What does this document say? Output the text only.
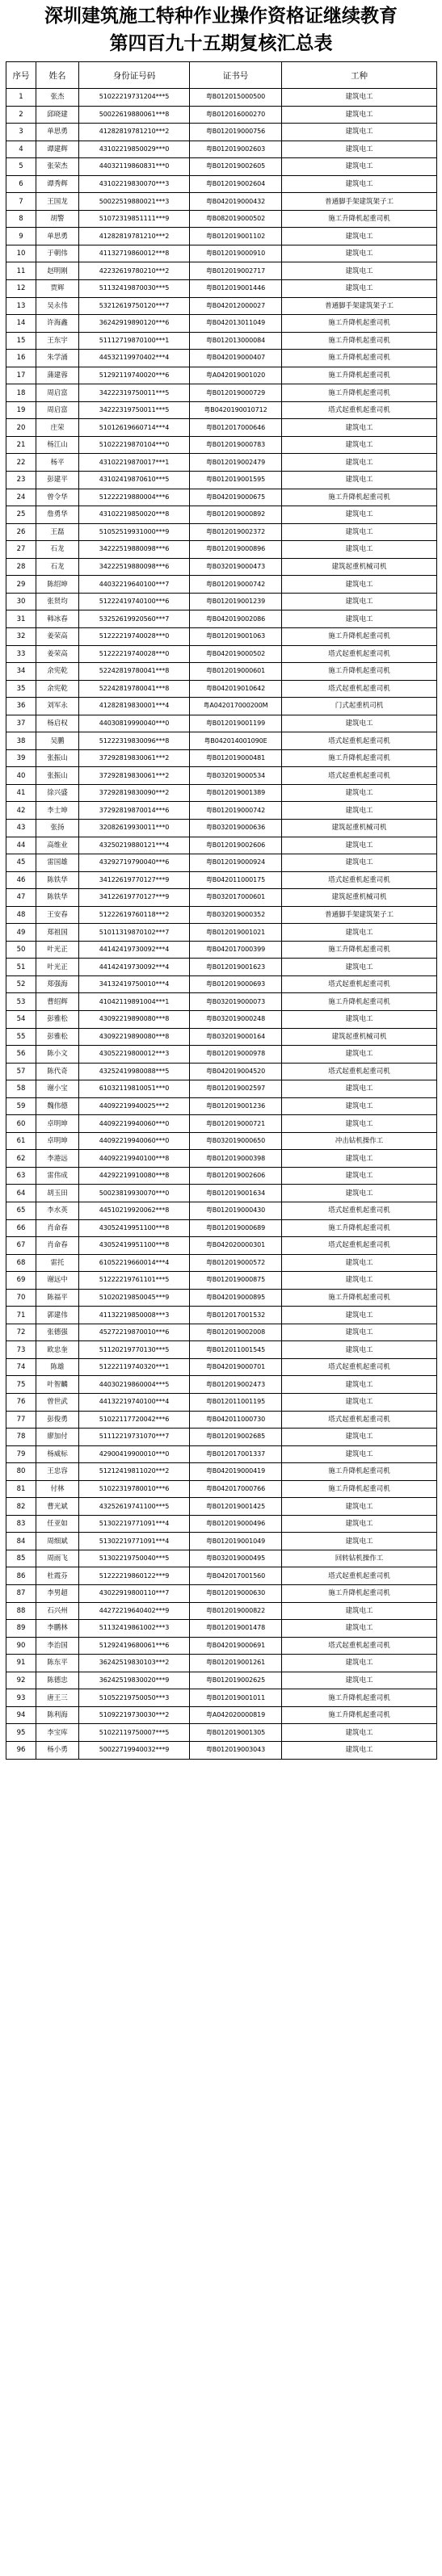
深圳建筑施工特种作业操作资格证继续教育
第四百九十五期复核汇总表
序号	姓名	身份证号码	证书号	工种
1	张杰	51022219731204***5	粤B012015000500	建筑电工
2	邱晓建	50022619880061***8	粤B012016000270	建筑电工
3	单思勇	41282819781210***2	粤B012019000756	建筑电工
4	谭建辉	43102219850029***0	粤B012019002603	建筑电工
5	张荣杰	44032119860831***0	粤B012019002605	建筑电工
6	谭秀辉	43102219830070***3	粤B012019002604	建筑电工
7	王国龙	50022519880021***3	粤B042019000432	普通脚手架建筑架子工
8	胡警	51072319851111***9	粤B082019000502	施工升降机起重司机
9	单思勇	41282819781210***2	粤B012019001102	建筑电工
10	于朝伟	41132719860012***8	粤B012019000910	建筑电工
11	赵明刚	42232619780210***2	粤B012019002717	建筑电工
12	贾辉	51132419870030***5	粤B012019001446	建筑电工
13	吴永伟	53212619750120***7	粤B042012000027	普通脚手架建筑架子工
14	许海鑫	36242919890120***6	粤B042013011049	施工升降机起重司机
15	王东宇	51112719870100***1	粤B012013000084	施工升降机起重司机
16	朱学涌	44532119970402***4	粤B042019000407	施工升降机起重司机
17	蒲建蓉	51292119740020***6	粤A042019001020	施工升降机起重司机
18	周启富	34222319750011***5	粤B012019000729	施工升降机起重司机
19	周启富	34222319750011***5	粤B0420190010712	塔式起重机起重司机
20	庄荣	51012619660714***4	粤B012017000646	建筑电工
21	杨江山	51022219870104***0	粤B012019000783	建筑电工
22	杨平	43102219870017***1	粤B012019002479	建筑电工
23	彭建平	43102419870610***5	粤B012019001595	建筑电工
24	曾令华	51222219880004***6	粤B042019000675	施工升降机起重司机
25	詹勇华	43102219850020***8	粤B012019000892	建筑电工
26	王磊	51052519931000***9	粤B012019002372	建筑电工
27	石龙	34222519880098***6	粤B012019000896	建筑电工
28	石龙	34222519880098***6	粤B032019000473	建筑起重机械司机
29	陈绍坤	44032219640100***7	粤B012019000742	建筑电工
30	张贤均	51222419740100***6	粤B012019001239	建筑电工
31	韩冰春	53252619920560***7	粤B042019002086	建筑电工
32	姜荣高	51222219740028***0	粤B012019001063	施工升降机起重司机
33	姜荣高	51222219740028***0	粤B042019000502	塔式起重机起重司机
34	余宪乾	52242819780041***8	粤B012019000601	施工升降机起重司机
35	余宪乾	52242819780041***8	粤B042019010642	塔式起重机起重司机
36	刘军永	41282819830001***4	粤A042017000200M	门式起重机司机
37	杨启权	44030819990040***0	粤B012019001199	建筑电工
38	吴鹏	51222319830096***8	粤B042014001090E	塔式起重机起重司机
39	张振山	37292819830061***2	粤B012019000481	施工升降机起重司机
40	张振山	37292819830061***2	粤B032019000534	塔式起重机起重司机
41	徐兴盛	37292819830090***2	粤B012019001389	建筑电工
42	李士坤	37292819870014***6	粤B012019000742	建筑电工
43	张扬	32082619930011***0	粤B032019000636	建筑起重机械司机
44	高维业	43250219880121***4	粤B012019002606	建筑电工
45	雷国雄	43292719790040***6	粤B012019000924	建筑电工
46	陈铁华	34122619770127***9	粤B042011000175	塔式起重机起重司机
47	陈铁华	34122619770127***9	粤B032017000601	建筑起重机械司机
48	王安春	51222619760118***2	粤B032019000352	普通脚手架建筑架子工
49	郑祖国	51011319870102***7	粤B012019001021	建筑电工
50	叶光正	44142419730092***4	粤B042017000399	施工升降机起重司机
51	叶光正	44142419730092***4	粤B012019001623	建筑电工
52	郑强海	34132419750010***4	粤B012019000693	塔式起重机起重司机
53	曹绍辉	41042119891004***1	粤B032019000073	施工升降机起重司机
54	彭雅松	43092219890080***8	粤B032019000248	建筑电工
55	彭雅松	43092219890080***8	粤B032019000164	建筑起重机械司机
56	陈小文	43052219800012***3	粤B012019000978	建筑电工
57	陈代奇	43252419980088***5	粤B042019004520	塔式起重机起重司机
58	谢小宝	61032119810051***0	粤B012019002597	建筑电工
59	魏伟德	44092219940025***2	粤B012019001236	建筑电工
60	卓明坤	44092219940060***0	粤B012019000721	建筑电工
61	卓明坤	44092219940060***0	粤B032019000650	冲击钻机操作工
62	李港远	44092219940100***8	粤B012019000398	建筑电工
63	雷伟成	44292219910080***8	粤B012019002606	建筑电工
64	胡玉田	50023819930070***0	粤B012019001634	建筑电工
65	李水英	44510219920062***8	粤B012019000430	塔式起重机起重司机
66	肖命春	43052419951100***8	粤B012019000689	施工升降机起重司机
67	肖命春	43052419951100***8	粤B042020000301	塔式起重机起重司机
68	雷托	61052219660014***4	粤B012019000572	建筑电工
69	谢远中	51222219761101***5	粤B012019000875	建筑电工
70	陈福平	51020219850045***9	粤B042019000895	施工升降机起重司机
71	郭建伟	41132219850008***3	粤B012017001532	建筑电工
72	张德强	45272219870010***6	粤B012019002008	建筑电工
73	欧忠奎	51120219770130***5	粤B012011001545	建筑电工
74	陈雄	51222119740320***1	粤B042019000701	塔式起重机起重司机
75	叶智麟	44030219860004***5	粤B012019002473	建筑电工
76	曾世武	44132219740100***4	粤B012011001195	建筑电工
77	彭俊勇	51022117720042***6	粤B042011000730	塔式起重机起重司机
78	廖加付	51112219731070***7	粤B012019002685	建筑电工
79	杨威标	42900419900010***0	粤B012017001337	建筑电工
80	王忠容	51212419811020***2	粤B042019000419	施工升降机起重司机
81	付林	51022319780010***6	粤B042017000766	施工升降机起重司机
82	曹光斌	43252619741100***5	粤B012019001425	建筑电工
83	任亚如	51302219771091***4	粤B012019000496	建筑电工
84	周细斌	51302219771091***4	粤B012019001049	建筑电工
85	周雨飞	51302219750040***5	粤B032019000495	回转钻机操作工
86	杜霞芬	51222219860122***9	粤B042017001560	塔式起重机起重司机
87	李男超	43022919800110***7	粤B012019000630	施工升降机起重司机
88	石兴州	44272219640402***9	粤B012019000822	建筑电工
89	李鹏林	51132419861002***3	粤B012019001478	建筑电工
90	李治国	51292419680061***6	粤B042019000691	塔式起重机起重司机
91	陈东平	36242519830103***2	粤B012019001261	建筑电工
92	陈德忠	36242519830020***9	粤B012019002625	建筑电工
93	唐王三	51052219750050***3	粤B012019001011	施工升降机起重司机
94	陈利海	51092219730030***2	粤A042020000819	施工升降机起重司机
95	李宝库	51022119750007***5	粤B012019001305	建筑电工
96	杨小勇	50022719940032***9	粤B012019003043	建筑电工
